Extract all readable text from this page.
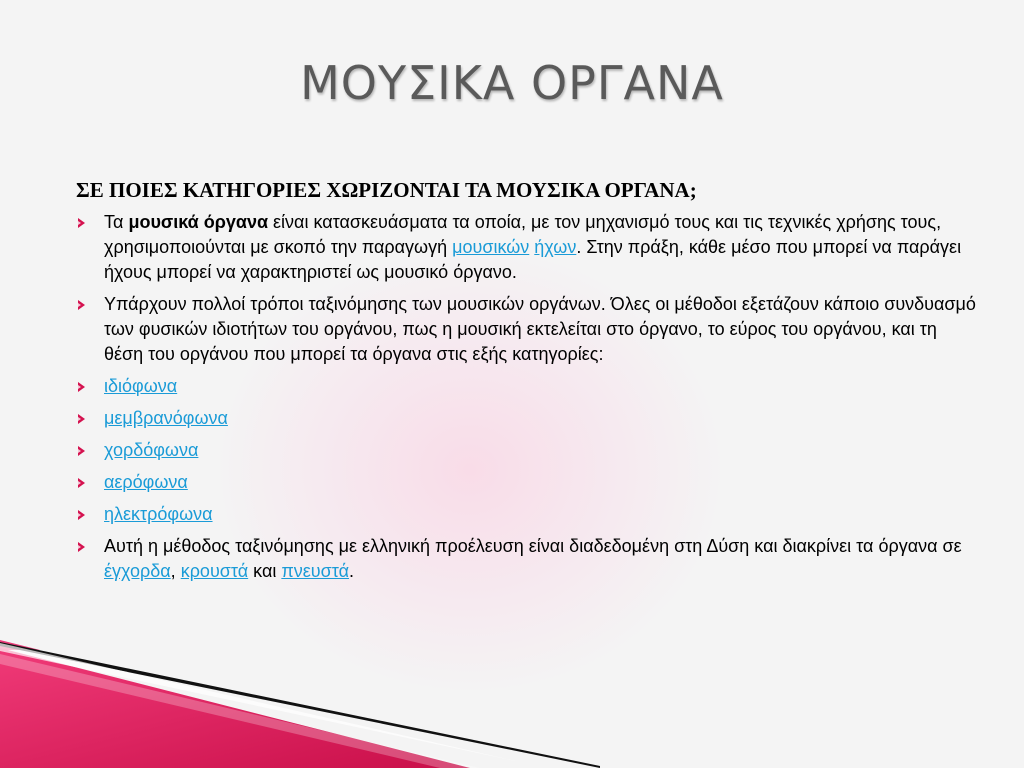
ΜΟΥΣΙΚΑ ΟΡΓΑΝΑ

ΣΕ ΠΟΙΕΣ ΚΑΤΗΓΟΡΙΕΣ ΧΩΡΙΖΟΝΤΑΙ ΤΑ ΜΟΥΣΙΚΑ ΟΡΓΑΝΑ;

Τα μουσικά όργανα είναι κατασκευάσματα τα οποία, με τον μηχανισμό τους και τις τεχνικές χρήσης τους, χρησιμοποιούνται με σκοπό την παραγωγή μουσικών ήχων. Στην πράξη, κάθε μέσο που μπορεί να παράγει ήχους μπορεί να χαρακτηριστεί ως μουσικό όργανο.
Υπάρχουν πολλοί τρόποι ταξινόμησης των μουσικών οργάνων. Όλες οι μέθοδοι εξετάζουν κάποιο συνδυασμό των φυσικών ιδιοτήτων του οργάνου, πως η μουσική εκτελείται στο όργανο, το εύρος του οργάνου, και τη θέση του οργάνου που μπορεί τα όργανα στις εξής κατηγορίες:
ιδιόφωνα
μεμβρανόφωνα
χορδόφωνα
αερόφωνα
ηλεκτρόφωνα
Αυτή η μέθοδος ταξινόμησης με ελληνική προέλευση είναι διαδεδομένη στη Δύση και διακρίνει τα όργανα σε έγχορδα, κρουστά και πνευστά.
